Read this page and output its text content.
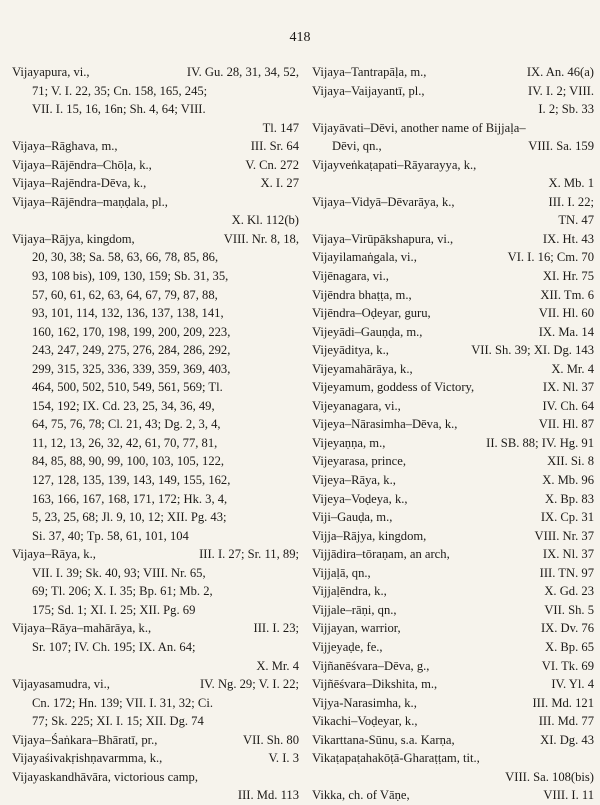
418
Vijayapura, vi.,	IV. Gu. 28, 31, 34, 52,
71; V. I. 22, 35; Cn. 158, 165, 245;
VII. I. 15, 16, 16n; Sh. 4, 64; VIII.
Tl. 147
Vijaya–Rāghava, m.,	III. Sr. 64
Vijaya–Rājēndra–Chōḷa, k.,	V. Cn. 272
Vijaya–Rajēndra-Dēva, k.,	X. I. 27
Vijaya–Rājēndra–maṇḍala, pl.,
X. Kl. 112(b)
Vijaya–Rājya, kingdom,	VIII. Nr. 8, 18,
20, 30, 38; Sa. 58, 63, 66, 78, 85, 86,
93, 108 bis), 109, 130, 159; Sb. 31, 35,
57, 60, 61, 62, 63, 64, 67, 79, 87, 88,
93, 101, 114, 132, 136, 137, 138, 141,
160, 162, 170, 198, 199, 200, 209, 223,
243, 247, 249, 275, 276, 284, 286, 292,
299, 315, 325, 336, 339, 359, 369, 403,
464, 500, 502, 510, 549, 561, 569; Tl.
154, 192; IX. Cd. 23, 25, 34, 36, 49,
64, 75, 76, 78; Cl. 21, 43; Dg. 2, 3, 4,
11, 12, 13, 26, 32, 42, 61, 70, 77, 81,
84, 85, 88, 90, 99, 100, 103, 105, 122,
127, 128, 135, 139, 143, 149, 155, 162,
163, 166, 167, 168, 171, 172; Hk. 3, 4,
5, 23, 25, 68; Jl. 9, 10, 12; XII. Pg. 43;
Si. 37, 40; Tp. 58, 61, 101, 104
Vijaya–Rāya, k.,	III. I. 27; Sr. 11, 89;
VII. I. 39; Sk. 40, 93; VIII. Nr. 65,
69; Tl. 206; X. I. 35; Bp. 61; Mb. 2,
175; Sd. 1; XI. I. 25; XII. Pg. 69
Vijaya–Rāya–mahārāya, k.,	III. I. 23;
Sr. 107; IV. Ch. 195; IX. An. 64;
X. Mr. 4
Vijayasamudra, vi.,	IV. Ng. 29; V. I. 22;
Cn. 172; Hn. 139; VII. I. 31, 32; Ci.
77; Sk. 225; XI. I. 15; XII. Dg. 74
Vijaya–Śaṅkara–Bhāratī, pr.,	VII. Sh. 80
Vijayaśivakṛishṇavarmma, k.,	V. I. 3
Vijayaskandhāvāra, victorious camp,
III. Md. 113
Vijaya–Tantrapāḷa, m.,	IX. An. 46(a)
Vijaya–Vaijayantī, pl.,	IV. I. 2; VIII.
I. 2; Sb. 33
Vijayāvati–Dēvi, another name of Bijjaḷa–
Dēvi, qn.,	VIII. Sa. 159
Vijayveṅkaṭapati–Rāyarayya, k.,
X. Mb. 1
Vijaya–Vidyā–Dēvarāya, k.,	III. I. 22;
TN. 47
Vijaya–Virūpākshapura, vi.,	IX. Ht. 43
Vijayilamaṅgala, vi.,	VI. I. 16; Cm. 70
Vijēnagara, vi.,	XI. Hr. 75
Vijēndra bhaṭṭa, m.,	XII. Tm. 6
Vijēndra–Oḍeyar, guru,	VII. Hl. 60
Vijeyādi–Gauṇḍa, m.,	IX. Ma. 14
Vijeyāditya, k.,	VII. Sh. 39; XI. Dg. 143
Vijeyamahārāya, k.,	X. Mr. 4
Vijeyamum, goddess of Victory,	IX. Nl. 37
Vijeyanagara, vi.,	IV. Ch. 64
Vijeya–Nārasimha–Dēva, k.,	VII. Hl. 87
Vijeyaṇṇa, m.,	II. SB. 88; IV. Hg. 91
Vijeyarasa, prince,	XII. Si. 8
Vijeya–Rāya, k.,	X. Mb. 96
Vijeya–Voḍeya, k.,	X. Bp. 83
Viji–Gauḍa, m.,	IX. Cp. 31
Vijja–Rājya, kingdom,	VIII. Nr. 37
Vijjādira–tōraṇam, an arch,	IX. Nl. 37
Vijjaḷā, qn.,	III. TN. 97
Vijjaḷēndra, k.,	X. Gd. 23
Vijjale–rāṇi, qn.,	VII. Sh. 5
Vijjayan, warrior,	IX. Dv. 76
Vijjeyaḍe, fe.,	X. Bp. 65
Vijñanēśvara–Dēva, g.,	VI. Tk. 69
Vijñēśvara–Dikshita, m.,	IV. Yl. 4
Vijya-Narasimha, k.,	III. Md. 121
Vikachi–Voḍeyar, k.,	III. Md. 77
Vikarttana-Sūnu, s.a. Karṇa,	XI. Dg. 43
Vikaṭapaṭahakōṭā-Gharaṭṭam, tit.,
VIII. Sa. 108(bis)
Vikka, ch. of Vāṇe,	VIII. I. 11
